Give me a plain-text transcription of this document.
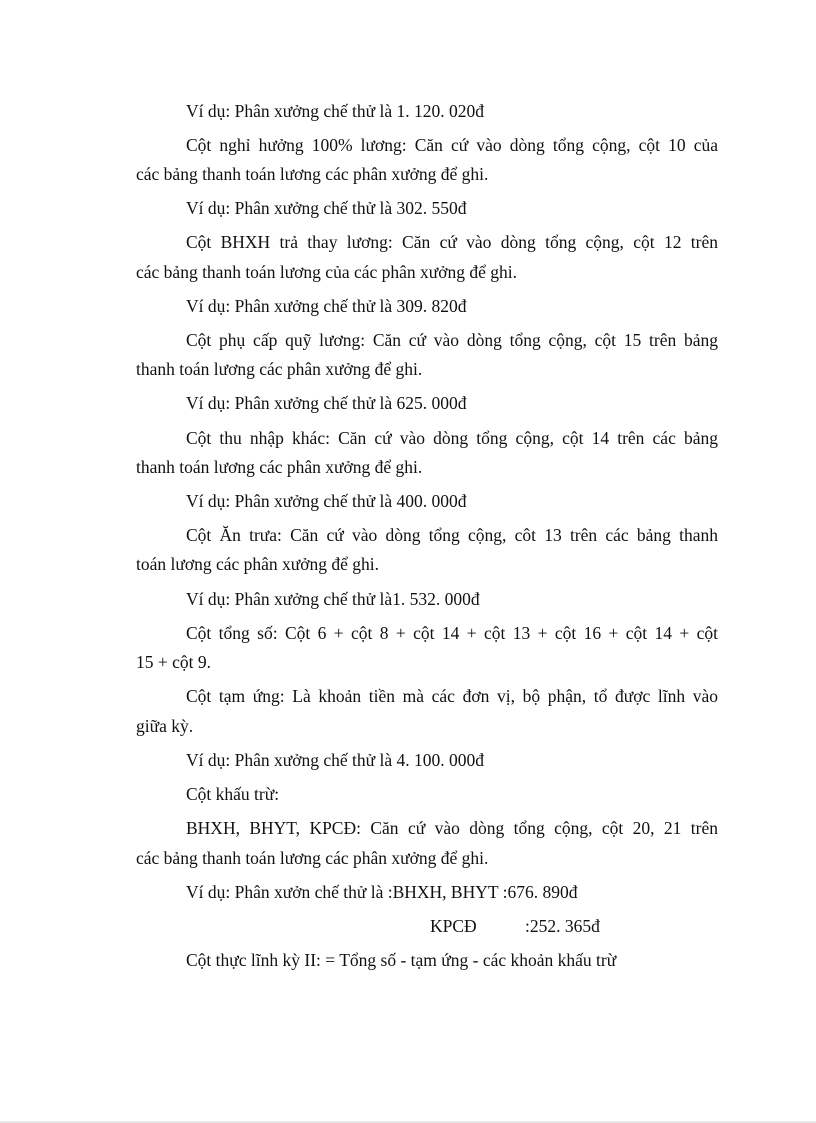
Ví dụ: Phân xưởng chế thử là 1. 120. 020đ
Cột nghỉ hưởng 100% lương: Căn cứ vào dòng tổng cộng, cột 10 của
các bảng thanh toán lương các phân xưởng để ghi.
Ví dụ: Phân xưởng chế thử là 302. 550đ
Cột BHXH trả thay lương: Căn cứ vào dòng tổng cộng, cột 12 trên
các bảng thanh toán lương của các phân xưởng để ghi.
Ví dụ: Phân xưởng chế thử là 309. 820đ
Cột phụ cấp quỹ lương: Căn cứ vào dòng tổng cộng, cột 15 trên bảng
thanh toán lương các phân xưởng để ghi.
Ví dụ: Phân xưởng chế thử là 625. 000đ
Cột thu nhập khác: Căn cứ vào dòng tổng cộng, cột 14 trên các bảng
thanh toán lương các phân xưởng để ghi.
Ví dụ: Phân xưởng chế thử là 400. 000đ
Cột Ăn trưa: Căn cứ vào dòng tổng cộng, côt 13 trên các bảng thanh
toán lương các phân xưởng để ghi.
Ví dụ: Phân xưởng chế thử là1. 532. 000đ
Cột tổng số: Cột 6 + cột 8 + cột 14 + cột 13 + cột 16 + cột 14 + cột
15 + cột 9.
Cột tạm ứng: Là khoản tiền mà các đơn vị, bộ phận, tổ được lĩnh vào
giữa kỳ.
Ví dụ: Phân xưởng chế thử là 4. 100. 000đ
Cột khấu trừ:
BHXH, BHYT, KPCĐ: Căn cứ vào dòng tổng cộng, cột 20, 21 trên
các bảng thanh toán lương các phân xưởng để ghi.
Ví dụ: Phân xưởn chế thử là :BHXH, BHYT :676. 890đ
KPCĐ	:252. 365đ
Cột thực lĩnh kỳ II: = Tổng số - tạm ứng - các khoản khấu trừ
